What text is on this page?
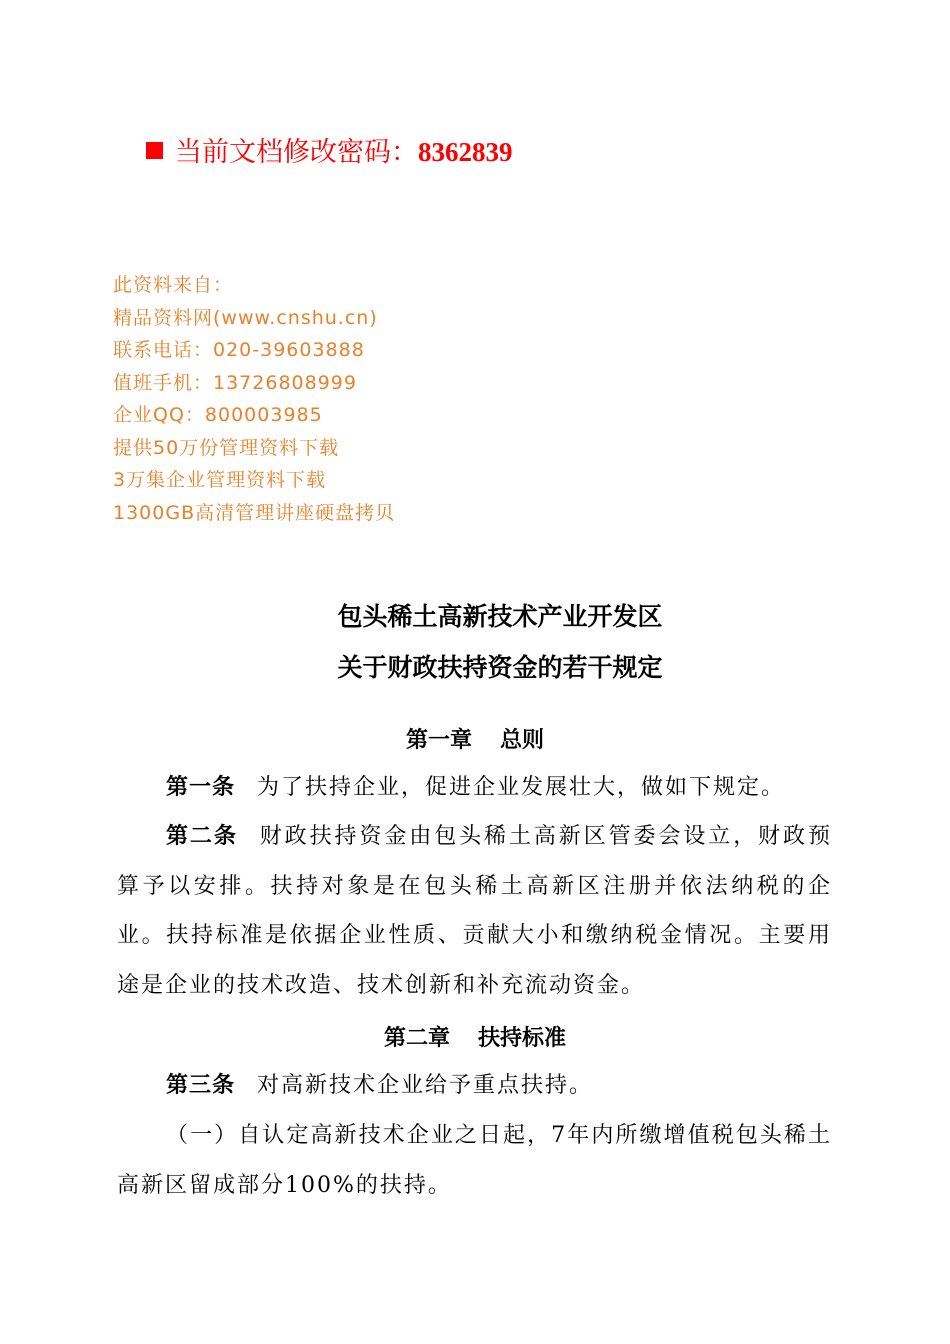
当前文档修改密码：8362839
此资料来自：
精品资料网(www.cnshu.cn)
联系电话：020-39603888
值班手机：13726808999
企业QQ：800003985
提供50万份管理资料下载
3万集企业管理资料下载
1300GB高清管理讲座硬盘拷贝
包头稀土高新技术产业开发区
关于财政扶持资金的若干规定
第一章 总则
第一条 为了扶持企业，促进企业发展壮大，做如下规定。
第二条 财政扶持资金由包头稀土高新区管委会设立，财政预算予以安排。扶持对象是在包头稀土高新区注册并依法纳税的企业。扶持标准是依据企业性质、贡献大小和缴纳税金情况。主要用途是企业的技术改造、技术创新和补充流动资金。
第二章 扶持标准
第三条 对高新技术企业给予重点扶持。
（一）自认定高新技术企业之日起，7年内所缴增值税包头稀土高新区留成部分100%的扶持。
